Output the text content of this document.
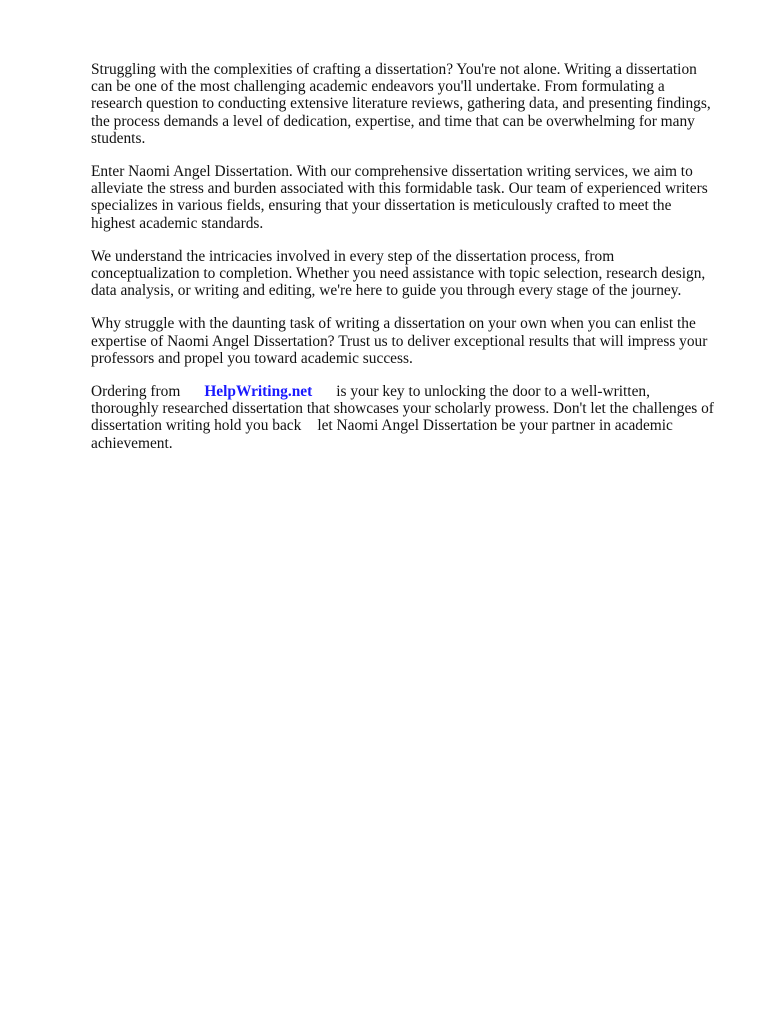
Struggling with the complexities of crafting a dissertation? You're not alone. Writing a dissertation
can be one of the most challenging academic endeavors you'll undertake. From formulating a
research question to conducting extensive literature reviews, gathering data, and presenting findings,
the process demands a level of dedication, expertise, and time that can be overwhelming for many
students.

Enter Naomi Angel Dissertation. With our comprehensive dissertation writing services, we aim to
alleviate the stress and burden associated with this formidable task. Our team of experienced writers
specializes in various fields, ensuring that your dissertation is meticulously crafted to meet the
highest academic standards.

We understand the intricacies involved in every step of the dissertation process, from
conceptualization to completion. Whether you need assistance with topic selection, research design,
data analysis, or writing and editing, we're here to guide you through every stage of the journey.

Why struggle with the daunting task of writing a dissertation on your own when you can enlist the
expertise of Naomi Angel Dissertation? Trust us to deliver exceptional results that will impress your
professors and propel you toward academic success.

Ordering from HelpWriting.net is your key to unlocking the door to a well-written,
thoroughly researched dissertation that showcases your scholarly prowess. Don't let the challenges of
dissertation writing hold you back let Naomi Angel Dissertation be your partner in academic
achievement.
